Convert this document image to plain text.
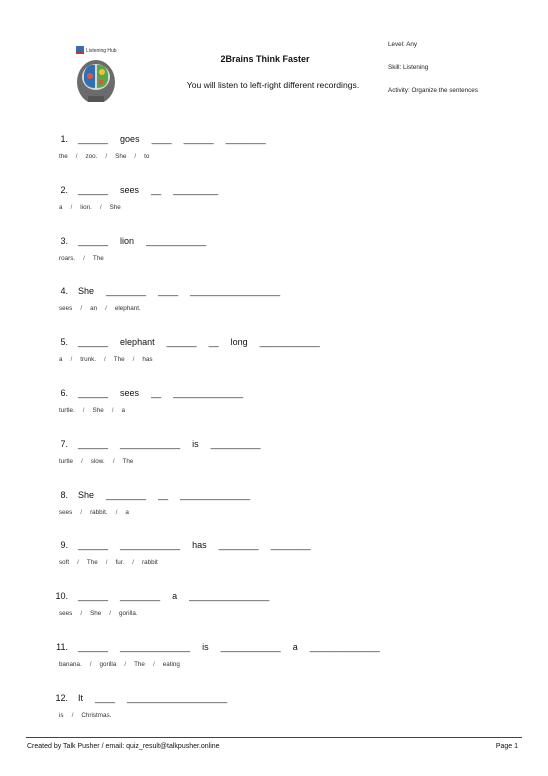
Listening Hub
2Brains Think Faster
You will listen to left-right different recordings.
Level: Any
Skill: Listening
Activity: Organize the sentences
1. ______ goes ____ ______ ________
the / zoo. / She / to
2. ______ sees __ _________
a / lion. / She
3. ______ lion ____________
roars. / The
4. She ________ ____ __________________
sees / an / elephant.
5. ______ elephant ______ __ long ____________
a / trunk. / The / has
6. ______ sees __ ______________
turtle. / She / a
7. ______ ____________ is __________
turtle / slow. / The
8. She ________ __ ______________
sees / rabbit. / a
9. ______ ____________ has ________ ________
soft / The / fur. / rabbit
10. ______ ________ a ________________
sees / She / gorilla.
11. ______ ______________ is ____________ a ______________
banana. / gorilla / The / eating
12. It ____ ____________________
is / Christmas.
Created by Talk Pusher / email: quiz_result@talkpusher.online	Page 1
